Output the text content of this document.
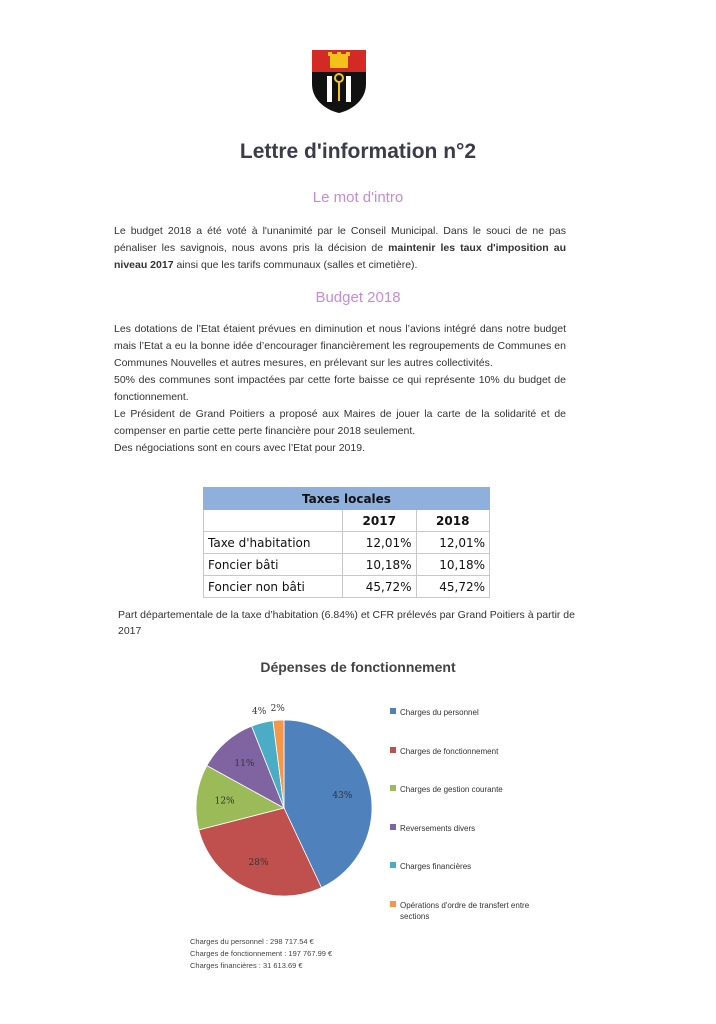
Lettre d'information n°2
Le mot d'intro
Le budget 2018 a été voté à l'unanimité par le Conseil Municipal. Dans le souci de ne pas pénaliser les savignois, nous avons pris la décision de maintenir les taux d'imposition au niveau 2017 ainsi que les tarifs communaux (salles et cimetière).
Budget 2018
Les dotations de l’Etat étaient prévues en diminution et nous l’avions intégré dans notre budget mais l’Etat a eu la bonne idée d’encourager financièrement les regroupements de Communes en Communes Nouvelles et autres mesures, en prélevant sur les autres collectivités.
50% des communes sont impactées par cette forte baisse ce qui représente 10% du budget de fonctionnement.
Le Président de Grand Poitiers a proposé aux Maires de jouer la carte de la solidarité et de compenser en partie cette perte financière pour 2018 seulement.
Des négociations sont en cours avec l’Etat pour 2019.
Taxes locales		
	2017	2018
Taxe d'habitation	12,01%	12,01%
Foncier bâti	10,18%	10,18%
Foncier non bâti	45,72%	45,72%
Part départementale de la taxe d’habitation (6.84%) et CFR prélevés par Grand Poitiers à partir de 2017
Dépenses de fonctionnement
43%
28%
12%
11%
4% 2%	Charges du personnel
Charges de fonctionnement
Charges de gestion courante
Reversements divers
Charges financières
Opérations d'ordre de transfert entre sections
Charges du personnel : 298 717.54 €
Charges de fonctionnement : 197 767.99 €
Charges financières : 31 613.69 €
